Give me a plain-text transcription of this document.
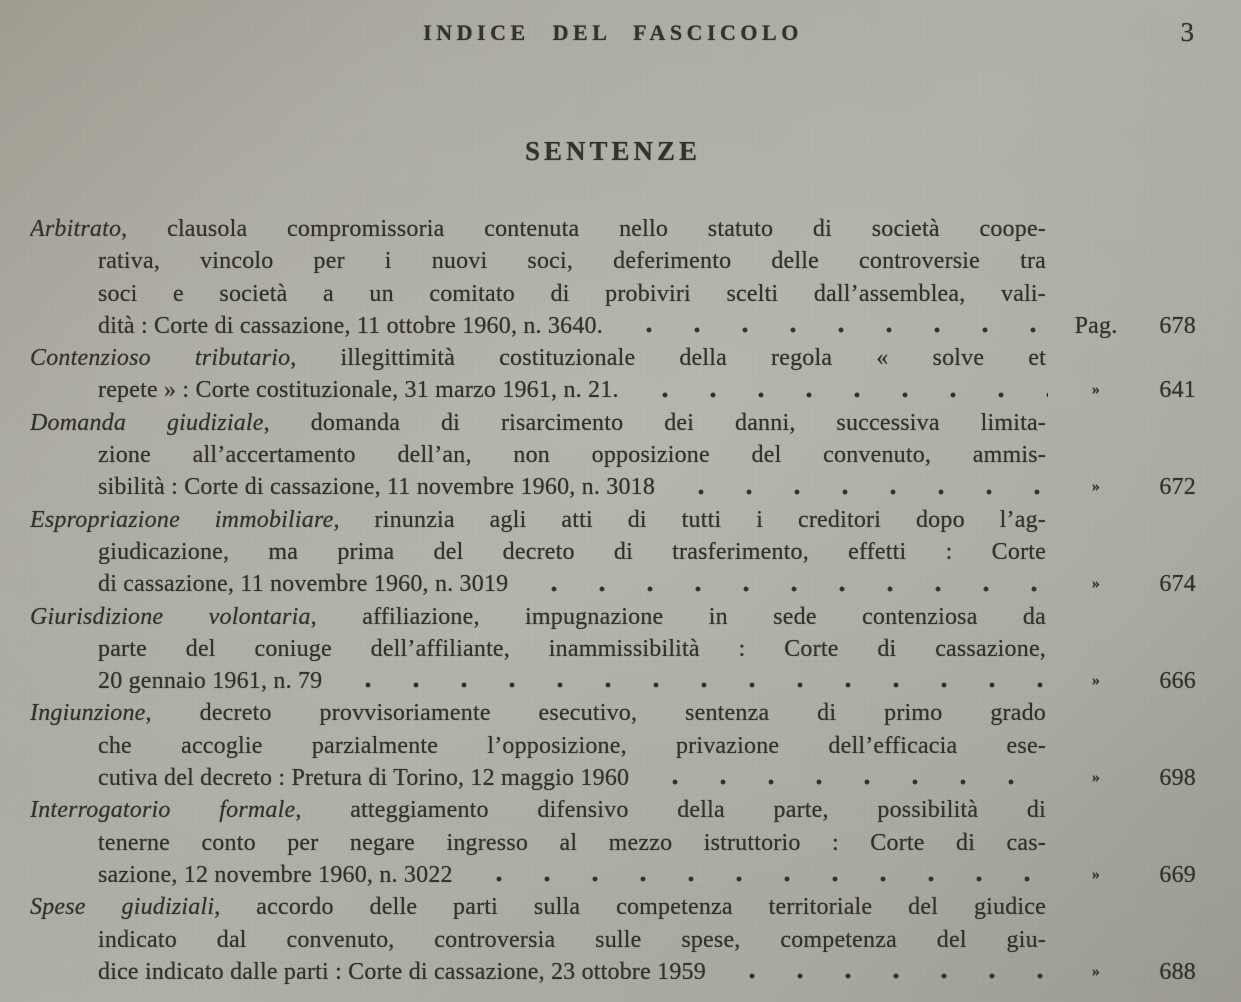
INDICE DEL FASCICOLO	3
SENTENZE
Arbitrato, clausola compromissoria contenuta nello statuto di società coope-
rativa, vincolo per i nuovi soci, deferimento delle controversie tra
soci e società a un comitato di probiviri scelti dall’assemblea, vali-
dità : Corte di cassazione, 11 ottobre 1960, n. 3640.	Pag.	678
Contenzioso tributario, illegittimità costituzionale della regola « solve et
repete » : Corte costituzionale, 31 marzo 1961, n. 21.	»	641
Domanda giudiziale, domanda di risarcimento dei danni, successiva limita-
zione all’accertamento dell’an, non opposizione del convenuto, ammis-
sibilità : Corte di cassazione, 11 novembre 1960, n. 3018	»	672
Espropriazione immobiliare, rinunzia agli atti di tutti i creditori dopo l’ag-
giudicazione, ma prima del decreto di trasferimento, effetti : Corte
di cassazione, 11 novembre 1960, n. 3019	»	674
Giurisdizione volontaria, affiliazione, impugnazione in sede contenziosa da
parte del coniuge dell’affiliante, inammissibilità : Corte di cassazione,
20 gennaio 1961, n. 79	»	666
Ingiunzione, decreto provvisoriamente esecutivo, sentenza di primo grado
che accoglie parzialmente l’opposizione, privazione dell’efficacia ese-
cutiva del decreto : Pretura di Torino, 12 maggio 1960	»	698
Interrogatorio formale, atteggiamento difensivo della parte, possibilità di
tenerne conto per negare ingresso al mezzo istruttorio : Corte di cas-
sazione, 12 novembre 1960, n. 3022	»	669
Spese giudiziali, accordo delle parti sulla competenza territoriale del giudice
indicato dal convenuto, controversia sulle spese, competenza del giu-
dice indicato dalle parti : Corte di cassazione, 23 ottobre 1959	»	688
